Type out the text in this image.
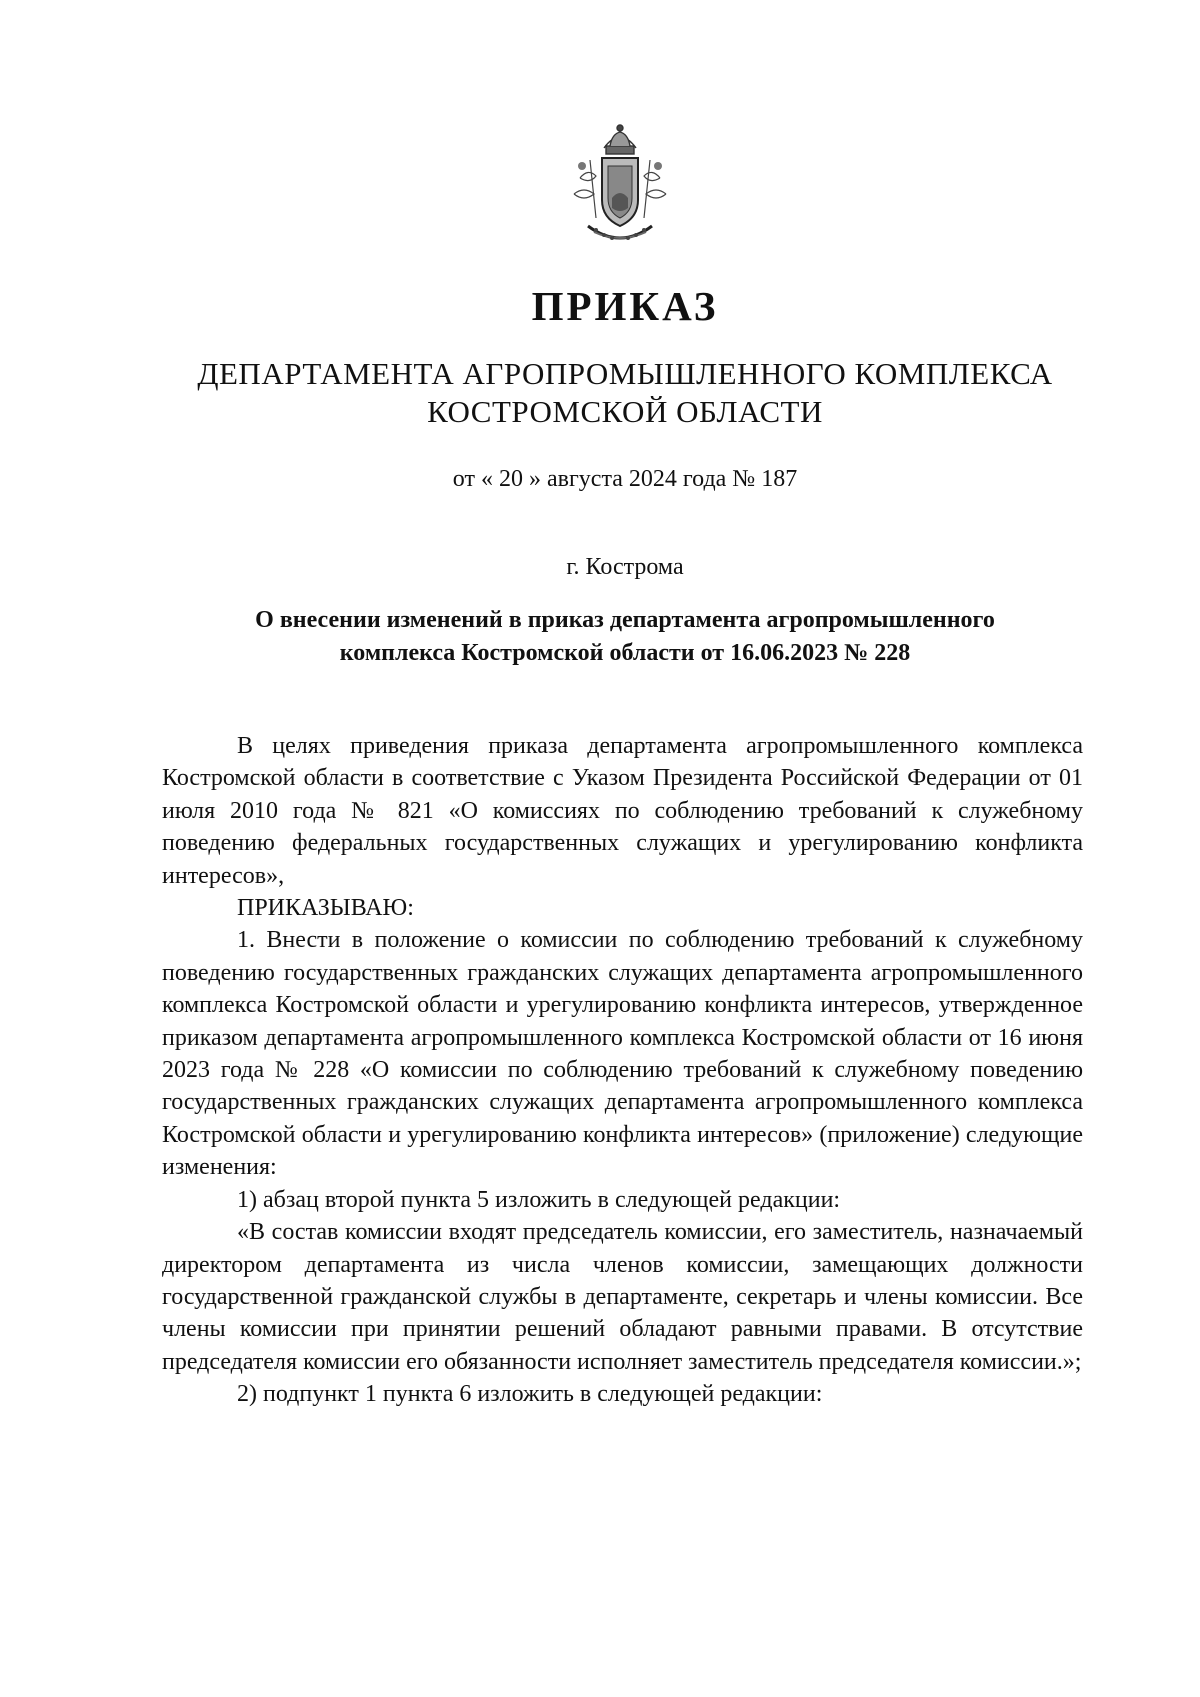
ПРИКАЗ
ДЕПАРТАМЕНТА АГРОПРОМЫШЛЕННОГО КОМПЛЕКСА
КОСТРОМСКОЙ ОБЛАСТИ
от « 20 » августа 2024 года № 187
г. Кострома
О внесении изменений в приказ департамента агропромышленного
комплекса Костромской области от 16.06.2023 № 228

В целях приведения приказа департамента агропромышленного комплекса Костромской области в соответствие с Указом Президента Российской Федерации от 01 июля 2010 года № 821 «О комиссиях по соблюдению требований к служебному поведению федеральных государственных служащих и урегулированию конфликта интересов»,

ПРИКАЗЫВАЮ:

1. Внести в положение о комиссии по соблюдению требований к служебному поведению государственных гражданских служащих департамента агропромышленного комплекса Костромской области и урегулированию конфликта интересов, утвержденное приказом департамента агропромышленного комплекса Костромской области от 16 июня 2023 года № 228 «О комиссии по соблюдению требований к служебному поведению государственных гражданских служащих департамента агропромышленного комплекса Костромской области и урегулированию конфликта интересов» (приложение) следующие изменения:

1) абзац второй пункта 5 изложить в следующей редакции:

«В состав комиссии входят председатель комиссии, его заместитель, назначаемый директором департамента из числа членов комиссии, замещающих должности государственной гражданской службы в департаменте, секретарь и члены комиссии. Все члены комиссии при принятии решений обладают равными правами. В отсутствие председателя комиссии его обязанности исполняет заместитель председателя комиссии.»;

2) подпункт 1 пункта 6 изложить в следующей редакции:
